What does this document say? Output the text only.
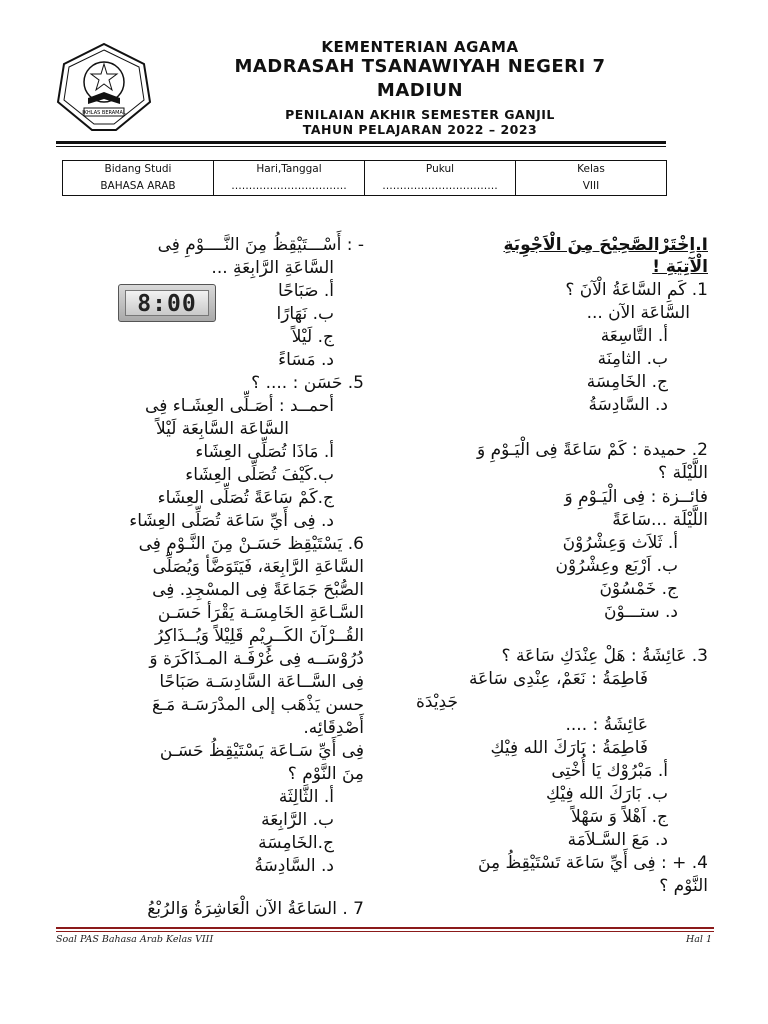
IKHLAS BERAMAL
KEMENTERIAN AGAMA
MADRASAH TSANAWIYAH NEGERI 7
MADIUN
PENILAIAN AKHIR SEMESTER GANJIL
TAHUN PELAJARAN 2022 – 2023
Bidang Studi	Hari,Tanggal	Pukul	Kelas
BAHASA ARAB	……………………………	……………………………	VIII
I.اِخْتَرْالصَّحِيْحَ مِنَ الْاَجْوِبَةِ
الْآتِيَةِ !
1. كَمِ السَّاعَةُ الْآنَ ؟
السَّاعَة الآن ...
أ. التَّاسِعَة
ب. الثامِنَة
ج. الخَامِسَة
د. السَّادِسَةُ
2. حميدة : كَمْ سَاعَةً فِى الْيَـوْمِ وَ
اللَّيْلَة ؟
فائــزة : فِى الْيَـوْمِ وَ
اللَّيْلَة ...سَاعَةً
أ. ثَلاَث وَعِشْرُوْنَ
ب. اَرْبَع وعِشْرُوْن
ج. خَمْسُوْنَ
د. ستـــوْنَ
3. عَائِشَةُ : هَلْ عِنْدَكِ سَاعَة ؟
فَاطِمَةُ : نَعَمْ، عِنْدِى سَاعَة
جَدِيْدَة
عَائِشَةُ : ....
فَاطِمَةُ : بَارَكَ الله فِيْكِ
أ. مَبْرُوْك يَا أُخْتِى
ب. بَارَكَ الله فِيْكِ
ج. اَهْلاً وَ سَهْلاً
د. مَعَ السَّـلاَمَة
4. + : فِى أَيِّ سَاعَة تَسْتَيْقِظُ مِنَ
النَّوْم ؟
- : أَسْـــتَيْقِظُ مِنَ النَّــــوْمِ فِى
السَّاعَةِ الرَّابِعَةِ ...
أ. صَبَاحًا
ب. نَهَارًا
ج. لَيْلاً
د. مَسَاءً
5. حَسَن : .... ؟
أحمــد : أصَـلِّى العِشَـاء فِى
السَّاعَة السَّابِعَة لَيْلاً
أ. مَاذَا تُصَلِّى العِشَاء
ب.كَيْفَ تُصَلِّى العِشَاء
ج.كَمْ سَاعَةً تُصَلِّى العِشَاء
د. فِى أَيِّ سَاعَة تُصَلِّى العِشَاء
6. يَسْتَيْقِظ حَسَـنْ مِنَ النَّـوْمِ فِى
السَّاعَةِ الرَّابِعَة، فَيَتَوَضَّأ وَيُصَلِّى
الصُّبْحَ جَمَاعَةً فِى المسْجِدِ. فِى
السَّـاعَةِ الخَامِسَـة يَقْرَأ حَسَـن
القُــرْآنَ الكَــرِيْمِ قَلِيْلاً وَيُــذَاكِرُ
دُرُوْسَــه فِى غُرْفَـة المـذَاكَرَة وَ
فِى السَّــاعَة السَّادِسَـة صَبَاحًا
حسن يَذْهَب إلى المدْرَسَـة مَـعَ
أَصْدِقَائِه.
فِى أَيِّ سَـاعَة يَسْتَيْقِظُ حَسَـن
مِنَ النَّوْم ؟
أ. الثَّالِثَة
ب. الرَّابِعَة
ج.الخَامِسَة
د. السَّادِسَةُ
7 . السَاعَةُ الآن الْعَاشِرَةُ وَالرُبْعُ
8:00
Soal PAS Bahasa Arab Kelas VIII	Hal 1
